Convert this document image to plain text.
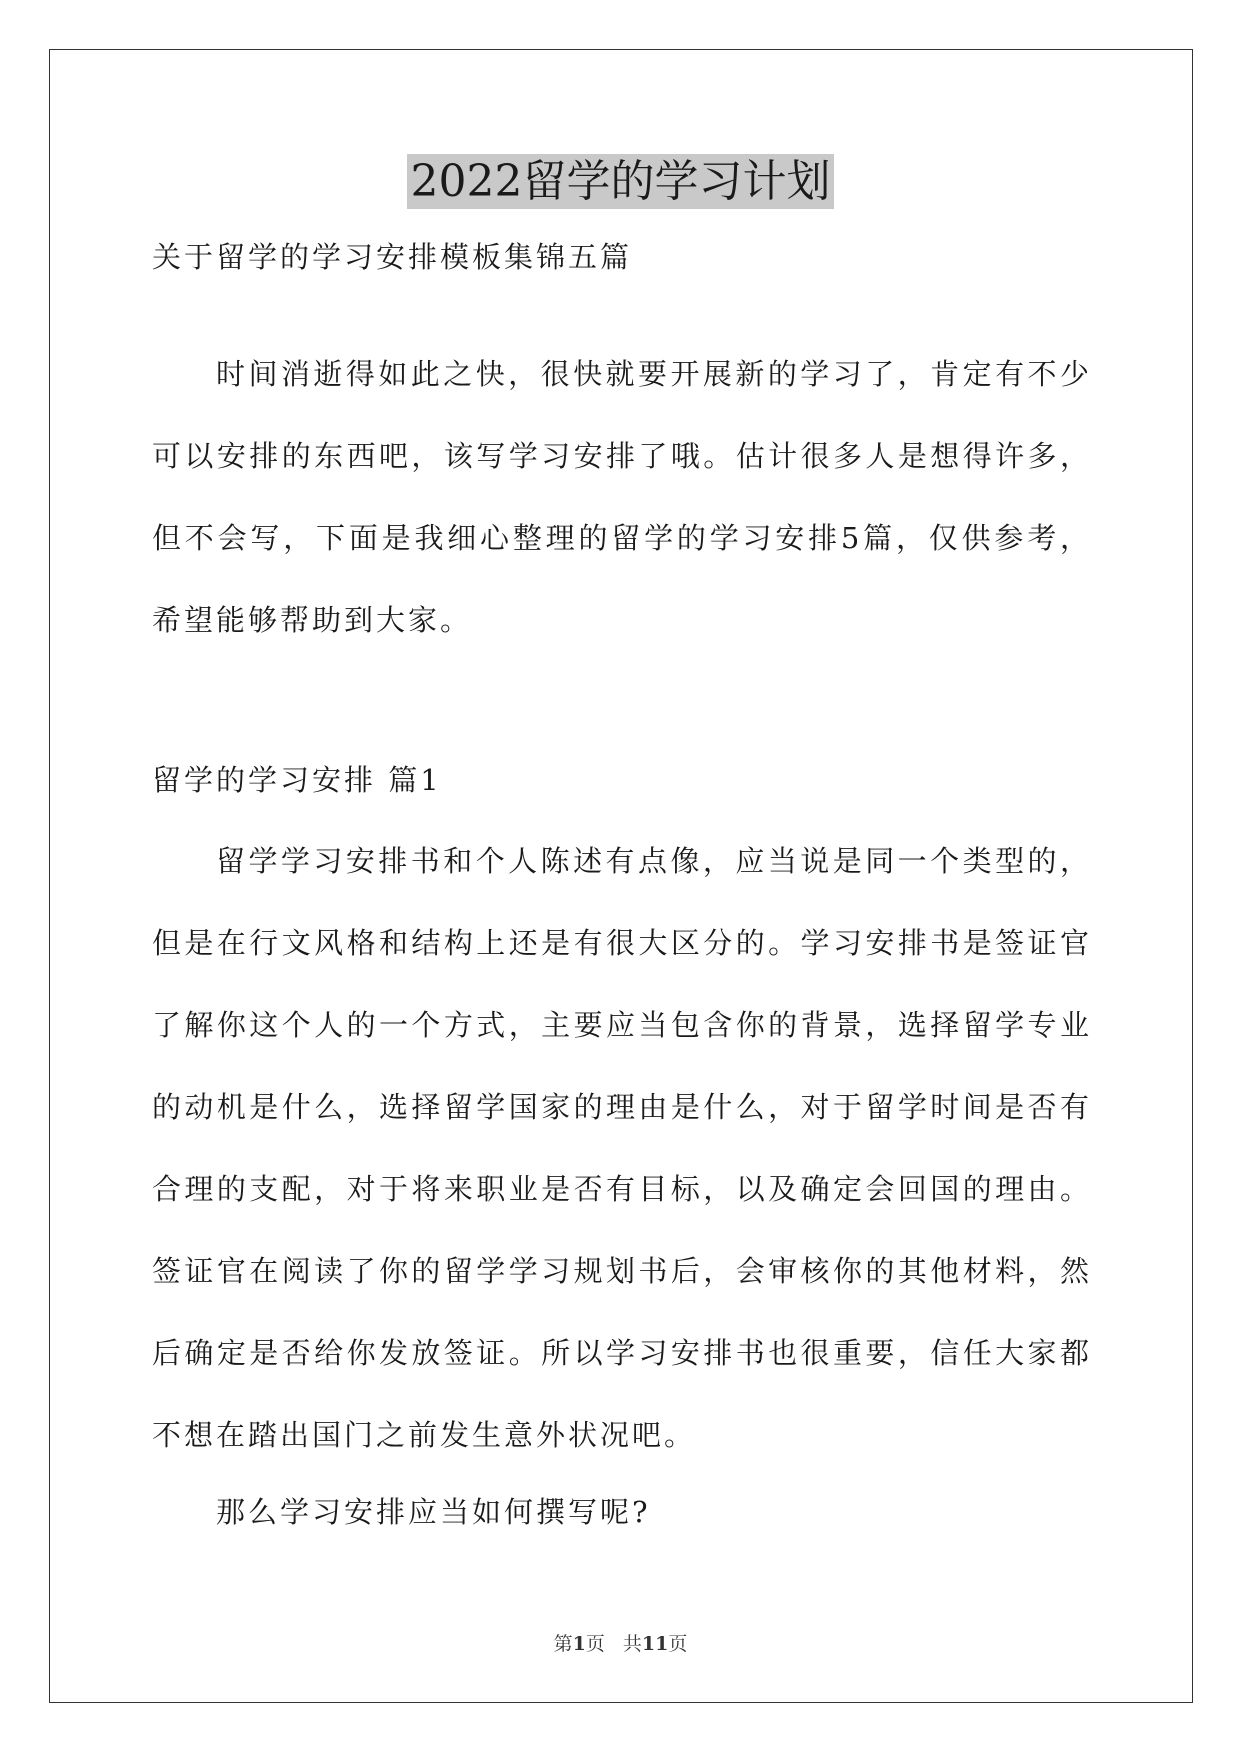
2022留学的学习计划

关于留学的学习安排模板集锦五篇

时间消逝得如此之快，很快就要开展新的学习了，肯定有不少可以安排的东西吧，该写学习安排了哦。估计很多人是想得许多，但不会写，下面是我细心整理的留学的学习安排5篇，仅供参考，希望能够帮助到大家。

留学的学习安排 篇1

留学学习安排书和个人陈述有点像，应当说是同一个类型的，但是在行文风格和结构上还是有很大区分的。学习安排书是签证官了解你这个人的一个方式，主要应当包含你的背景，选择留学专业的动机是什么，选择留学国家的理由是什么，对于留学时间是否有合理的支配，对于将来职业是否有目标，以及确定会回国的理由。签证官在阅读了你的留学学习规划书后，会审核你的其他材料，然后确定是否给你发放签证。所以学习安排书也很重要，信任大家都不想在踏出国门之前发生意外状况吧。

那么学习安排应当如何撰写呢?

第1页 共11页
